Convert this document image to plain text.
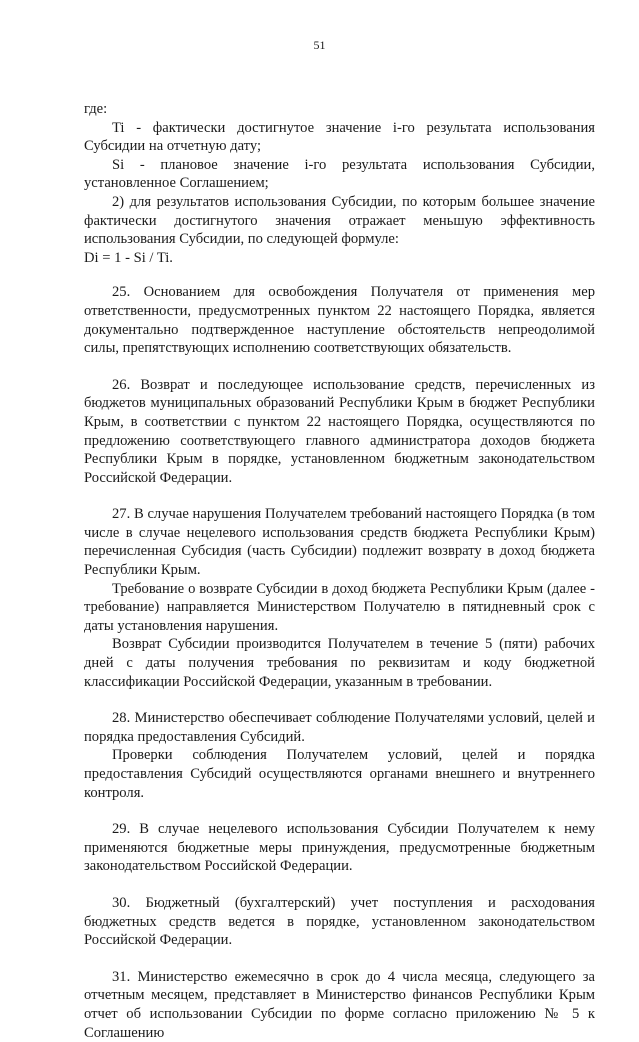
51

где:

Ti - фактически достигнутое значение i-го результата использования Субсидии на отчетную дату;

Si - плановое значение i-го результата использования Субсидии, установленное Соглашением;

2) для результатов использования Субсидии, по которым большее значение фактически достигнутого значения отражает меньшую эффективность использования Субсидии, по следующей формуле:

Di = 1 - Si / Ti.

25. Основанием для освобождения Получателя от применения мер ответственности, предусмотренных пунктом 22 настоящего Порядка, является документально подтвержденное наступление обстоятельств непреодолимой силы, препятствующих исполнению соответствующих обязательств.

26. Возврат и последующее использование средств, перечисленных из бюджетов муниципальных образований Республики Крым в бюджет Республики Крым, в соответствии с пунктом 22 настоящего Порядка, осуществляются по предложению соответствующего главного администратора доходов бюджета Республики Крым в порядке, установленном бюджетным законодательством Российской Федерации.

27. В случае нарушения Получателем требований настоящего Порядка (в том числе в случае нецелевого использования средств бюджета Республики Крым) перечисленная Субсидия (часть Субсидии) подлежит возврату в доход бюджета Республики Крым.

Требование о возврате Субсидии в доход бюджета Республики Крым (далее - требование) направляется Министерством Получателю в пятидневный срок с даты установления нарушения.

Возврат Субсидии производится Получателем в течение 5 (пяти) рабочих дней с даты получения требования по реквизитам и коду бюджетной классификации Российской Федерации, указанным в требовании.

28. Министерство обеспечивает соблюдение Получателями условий, целей и порядка предоставления Субсидий.

Проверки соблюдения Получателем условий, целей и порядка предоставления Субсидий осуществляются органами внешнего и внутреннего контроля.

29. В случае нецелевого использования Субсидии Получателем к нему применяются бюджетные меры принуждения, предусмотренные бюджетным законодательством Российской Федерации.

30. Бюджетный (бухгалтерский) учет поступления и расходования бюджетных средств ведется в порядке, установленном законодательством Российской Федерации.

31. Министерство ежемесячно в срок до 4 числа месяца, следующего за отчетным месяцем, представляет в Министерство финансов Республики Крым отчет об использовании Субсидии по форме согласно приложению № 5 к Соглашению
